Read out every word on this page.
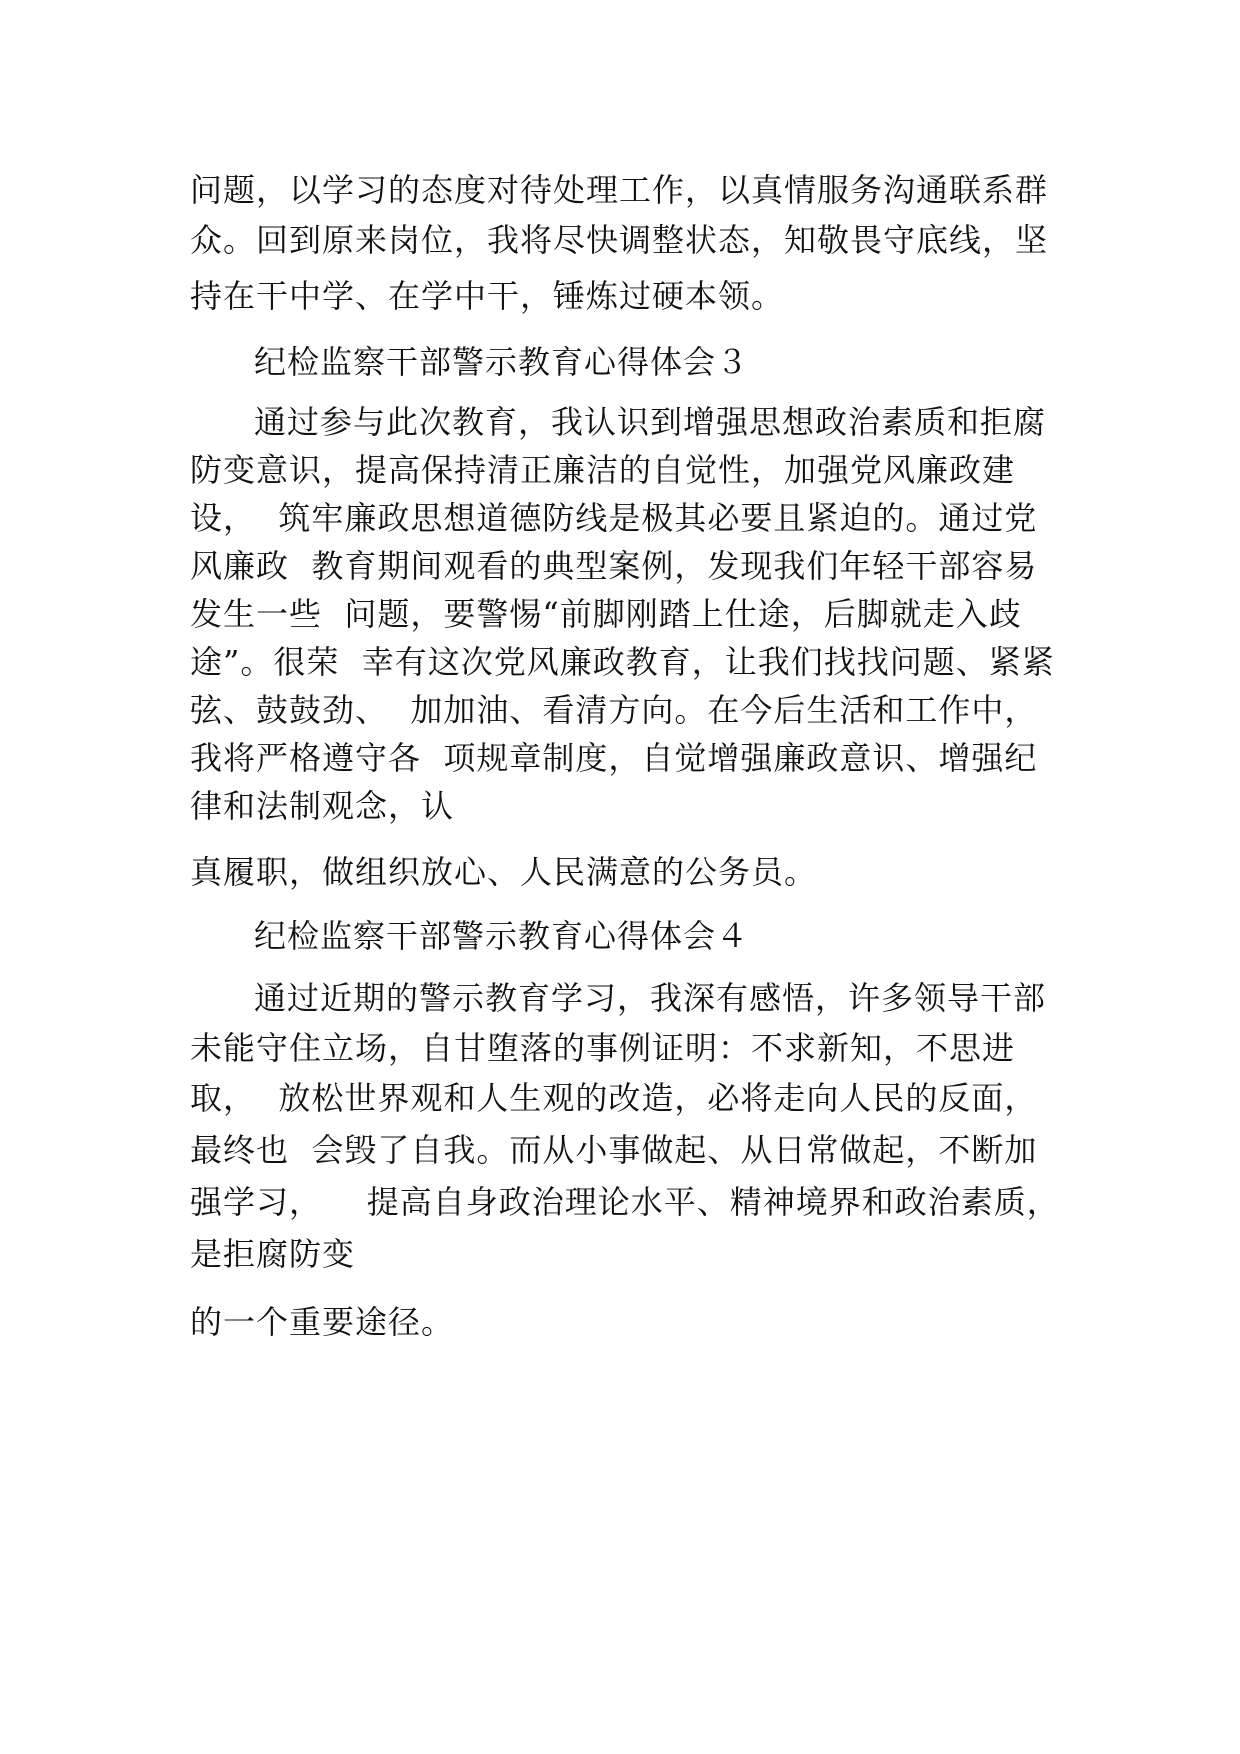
问题，以学习的态度对待处理工作，以真情服务沟通联系群
众。回到原来岗位，我将尽快调整状态，知敬畏守底线，坚
持在干中学、在学中干，锤炼过硬本领。
纪检监察干部警示教育心得体会３
通过参与此次教育，我认识到增强思想政治素质和拒腐
防变意识，提高保持清正廉洁的自觉性，加强党风廉政建
设，  筑牢廉政思想道德防线是极其必要且紧迫的。通过党
风廉政  教育期间观看的典型案例，发现我们年轻干部容易
发生一些  问题，要警惕“前脚刚踏上仕途，后脚就走入歧
途”。很荣  幸有这次党风廉政教育，让我们找找问题、紧紧
弦、鼓鼓劲、  加加油、看清方向。在今后生活和工作中，
我将严格遵守各  项规章制度，自觉增强廉政意识、增强纪
律和法制观念，认
真履职，做组织放心、人民满意的公务员。
纪检监察干部警示教育心得体会４
通过近期的警示教育学习，我深有感悟，许多领导干部
未能守住立场，自甘堕落的事例证明：不求新知，不思进
取，  放松世界观和人生观的改造，必将走向人民的反面，
最终也  会毁了自我。而从小事做起、从日常做起，不断加
强学习，    提高自身政治理论水平、精神境界和政治素质，
是拒腐防变
的一个重要途径。
